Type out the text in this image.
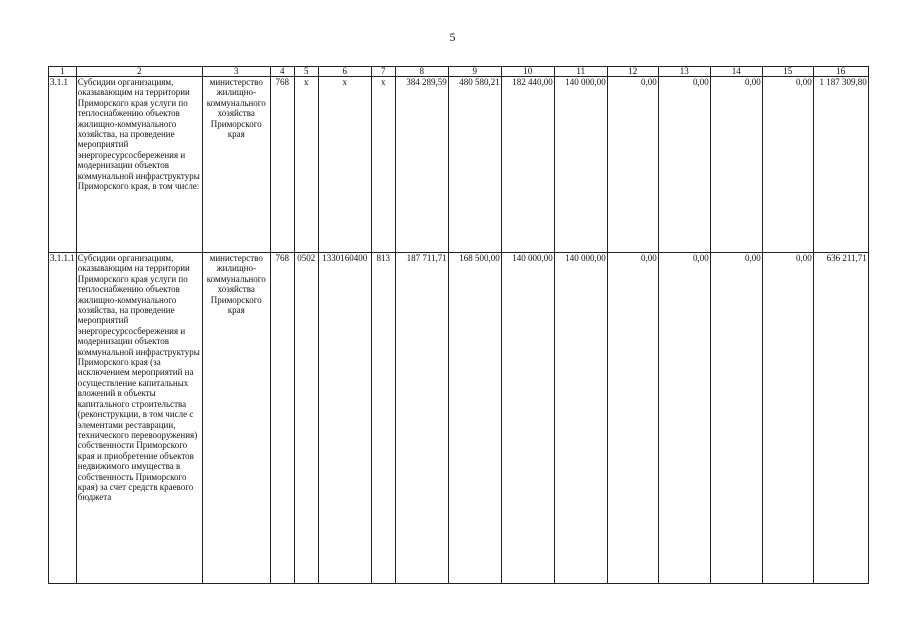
5
1	2	3	4	5	6	7	8	9	10	11	12	13	14	15	16
3.1.1	Субсидии организациям, оказывающим на территории Приморского края услуги по теплоснабжению объектов жилищно-коммунального хозяйства, на проведение мероприятий энергоресурсосбережения и модернизации объектов коммунальной инфраструктуры Приморского края, в том числе:	министерство жилищно-коммунального хозяйства Приморского края	768	x	x	x	384 289,59	480 580,21	182 440,00	140 000,00	0,00	0,00	0,00	0,00	1 187 309,80
3.1.1.1	Субсидии организациям, оказывающим на территории Приморского края услуги по теплоснабжению объектов жилищно-коммунального хозяйства, на проведение мероприятий энергоресурсосбережения и модернизации объектов коммунальной инфраструктуры Приморского края (за исключением мероприятий на осуществление капитальных вложений в объекты капитального строительства (реконструкции, в том числе с элементами реставрации, технического перевооружения) собственности Приморского края и приобретение объектов недвижимого имущества в собственность Приморского края) за счет средств краевого бюджета	министерство жилищно-коммунального хозяйства Приморского края	768	0502	1330160400	813	187 711,71	168 500,00	140 000,00	140 000,00	0,00	0,00	0,00	0,00	636 211,71
